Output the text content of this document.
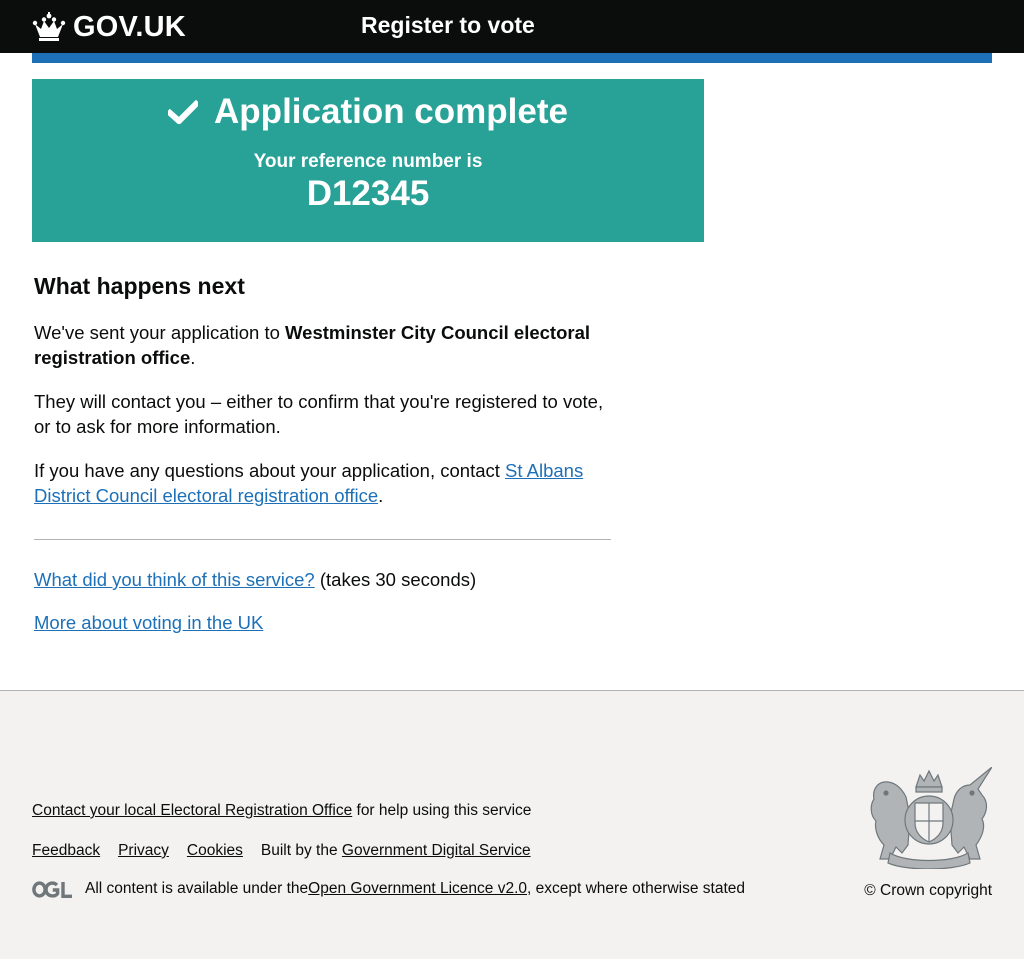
GOV.UK	Register to vote
Application complete
Your reference number is
D12345
What happens next

We've sent your application to Westminster City Council electoral registration office.

They will contact you – either to confirm that you're registered to vote, or to ask for more information.

If you have any questions about your application, contact St Albans District Council electoral registration office.

What did you think of this service? (takes 30 seconds)
More about voting in the UK
Contact your local Electoral Registration Office for help using this service
Feedback Privacy Cookies Built by the Government Digital Service
All content is available under the Open Government Licence v2.0 , except where otherwise stated	© Crown copyright
